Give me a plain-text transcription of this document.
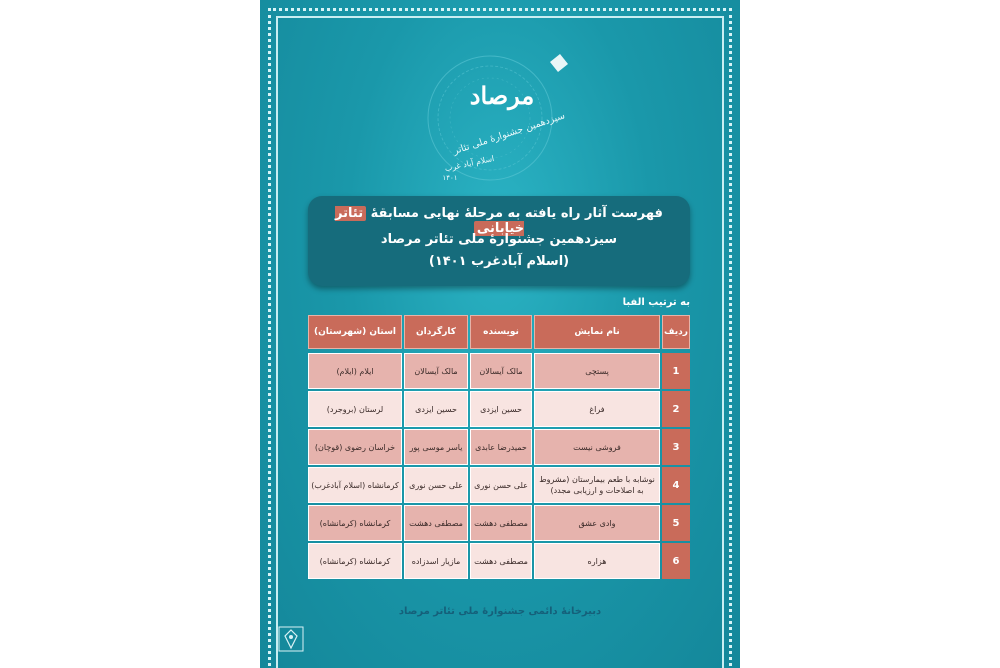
مرصاد
سیزدهمین جشنوارهٔ ملی تئاتر
اسلام آباد غرب
۱۴۰۱
فهرست آثار راه یافته به مرحلهٔ نهایی مسابقهٔ تئاتر خیابانی
سیزدهمین جشنوارهٔ ملی تئاتر مرصاد
(اسلام آبادغرب ۱۴۰۱)
به ترتیب الفبا
ردیف
نام نمایش
نویسنده
کارگردان
استان (شهرستان)
1
پستچی
مالک آیسالان
مالک آیسالان
ایلام (ایلام)
2
فراغ
حسین ایزدی
حسین ایزدی
لرستان (بروجرد)
3
فروشی نیست
حمیدرضا عابدی
یاسر موسی پور
خراسان رضوی (قوچان)
4
نوشابه با طعم بیمارستان (مشروط به اصلاحات و ارزیابی مجدد)
علی حسن نوری
علی حسن نوری
کرمانشاه (اسلام آبادغرب)
5
وادی عشق
مصطفی دهشت
مصطفی دهشت
کرمانشاه (کرمانشاه)
6
هزاره
مصطفی دهشت
مازیار اسدزاده
کرمانشاه (کرمانشاه)
دبیرخانهٔ دائمی جشنوارهٔ ملی تئاتر مرصاد
